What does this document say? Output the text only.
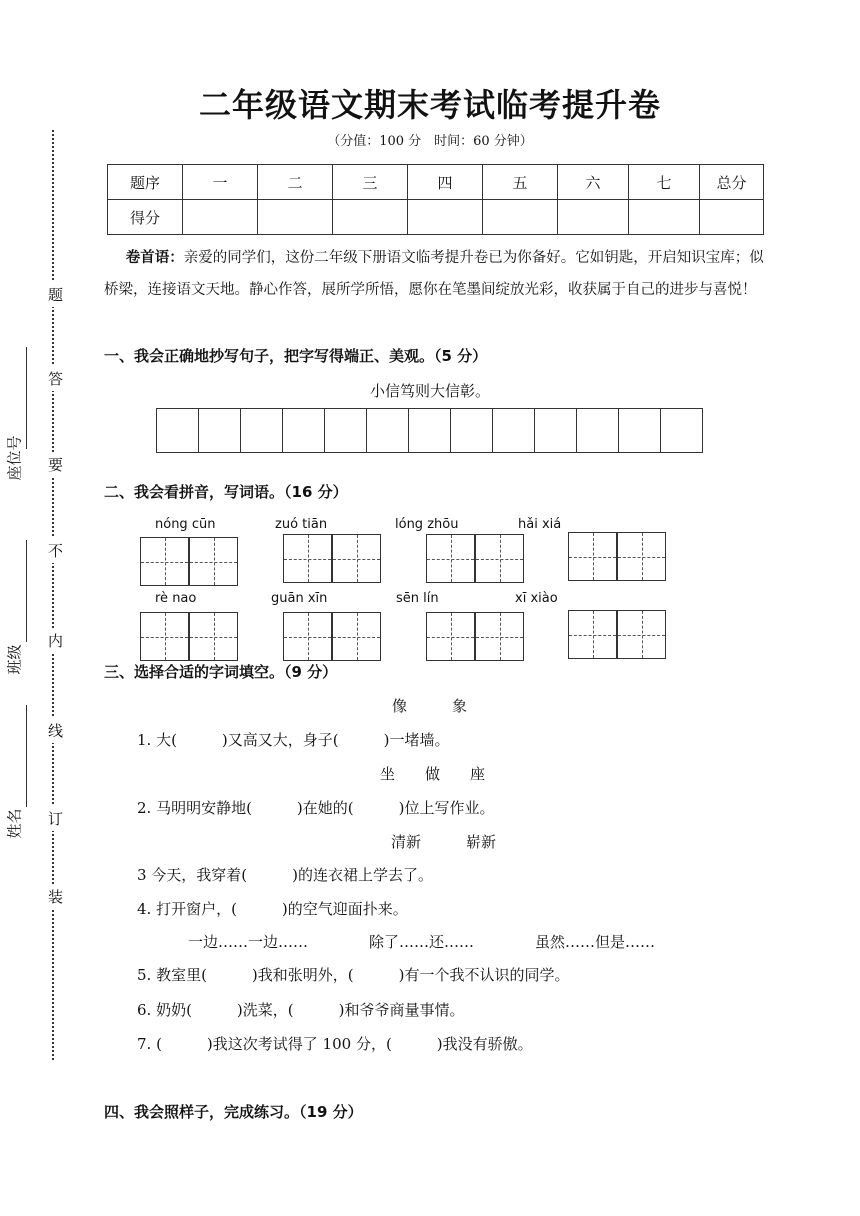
二年级语文期末考试临考提升卷
（分值：100 分　时间：60 分钟）
题序	一	二	三	四	五	六	七	总分
得分								
  卷首语：亲爱的同学们，这份二年级下册语文临考提升卷已为你备好。它如钥匙，开启知识宝库；似桥梁，连接语文天地。静心作答，展所学所悟，愿你在笔墨间绽放光彩，收获属于自己的进步与喜悦！
一、我会正确地抄写句子，把字写得端正、美观。（5 分）
小信笃则大信彰。
二、我会看拼音，写词语。（16 分）
nóng cūn	zuó tiān	lóng zhōu	hǎi xiá
rè nao	guān xīn	sēn lín	xī xiào
三、选择合适的字词填空。（9 分）
像　　　象
1. 大(　　　)又高又大，身子(　　　)一堵墙。
坐　　做　　座
2. 马明明安静地(　　　)在她的(　　　)位上写作业。
清新　　　崭新
3 今天，我穿着(　　　)的连衣裙上学去了。
4. 打开窗户，(　　　)的空气迎面扑来。
一边……一边……	除了……还……	虽然……但是……
5. 教室里(　　　)我和张明外，(　　　)有一个我不认识的同学。
6. 奶奶(　　　)洗菜，(　　　)和爷爷商量事情。
7. (　　　)我这次考试得了 100 分，(　　　)我没有骄傲。
四、我会照样子，完成练习。（19 分）
题
答
要
不
内
线
订
装
座位号
班级
姓名
